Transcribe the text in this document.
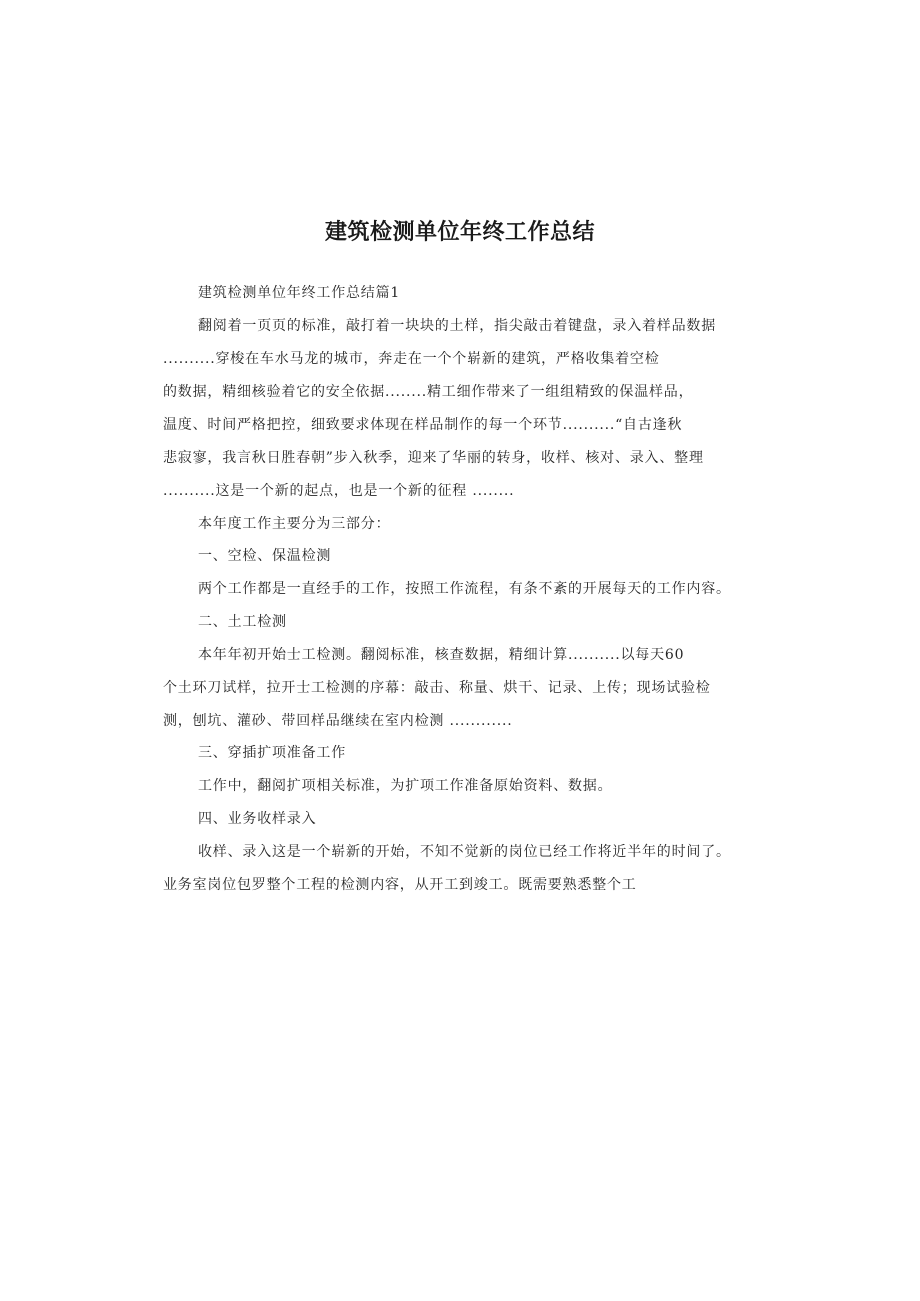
建筑检测单位年终工作总结
建筑检测单位年终工作总结篇1
翻阅着一页页的标准，敲打着一块块的土样，指尖敲击着键盘，录入着样品数据
..........穿梭在车水马龙的城市，奔走在一个个崭新的建筑，严格收集着空检
的数据，精细核验着它的安全依据........精工细作带来了一组组精致的保温样品，
温度、时间严格把控，细致要求体现在样品制作的每一个环节..........“自古逢秋
悲寂寥，我言秋日胜春朝”步入秋季，迎来了华丽的转身，收样、核对、录入、整理
..........这是一个新的起点，也是一个新的征程 ........
本年度工作主要分为三部分：
一、空检、保温检测
两个工作都是一直经手的工作，按照工作流程，有条不紊的开展每天的工作内容。
二、土工检测
本年年初开始士工检测。翻阅标准，核查数据，精细计算..........以每天60
个土环刀试样，拉开士工检测的序幕：敲击、称量、烘干、记录、上传；现场试验检
测，刨坑、灌砂、带回样品继续在室内检测 ............
三、穿插扩项准备工作
工作中，翻阅扩项相关标准，为扩项工作准备原始资料、数据。
四、业务收样录入
收样、录入这是一个崭新的开始，不知不觉新的岗位已经工作将近半年的时间了。
业务室岗位包罗整个工程的检测内容，从开工到竣工。既需要熟悉整个工
